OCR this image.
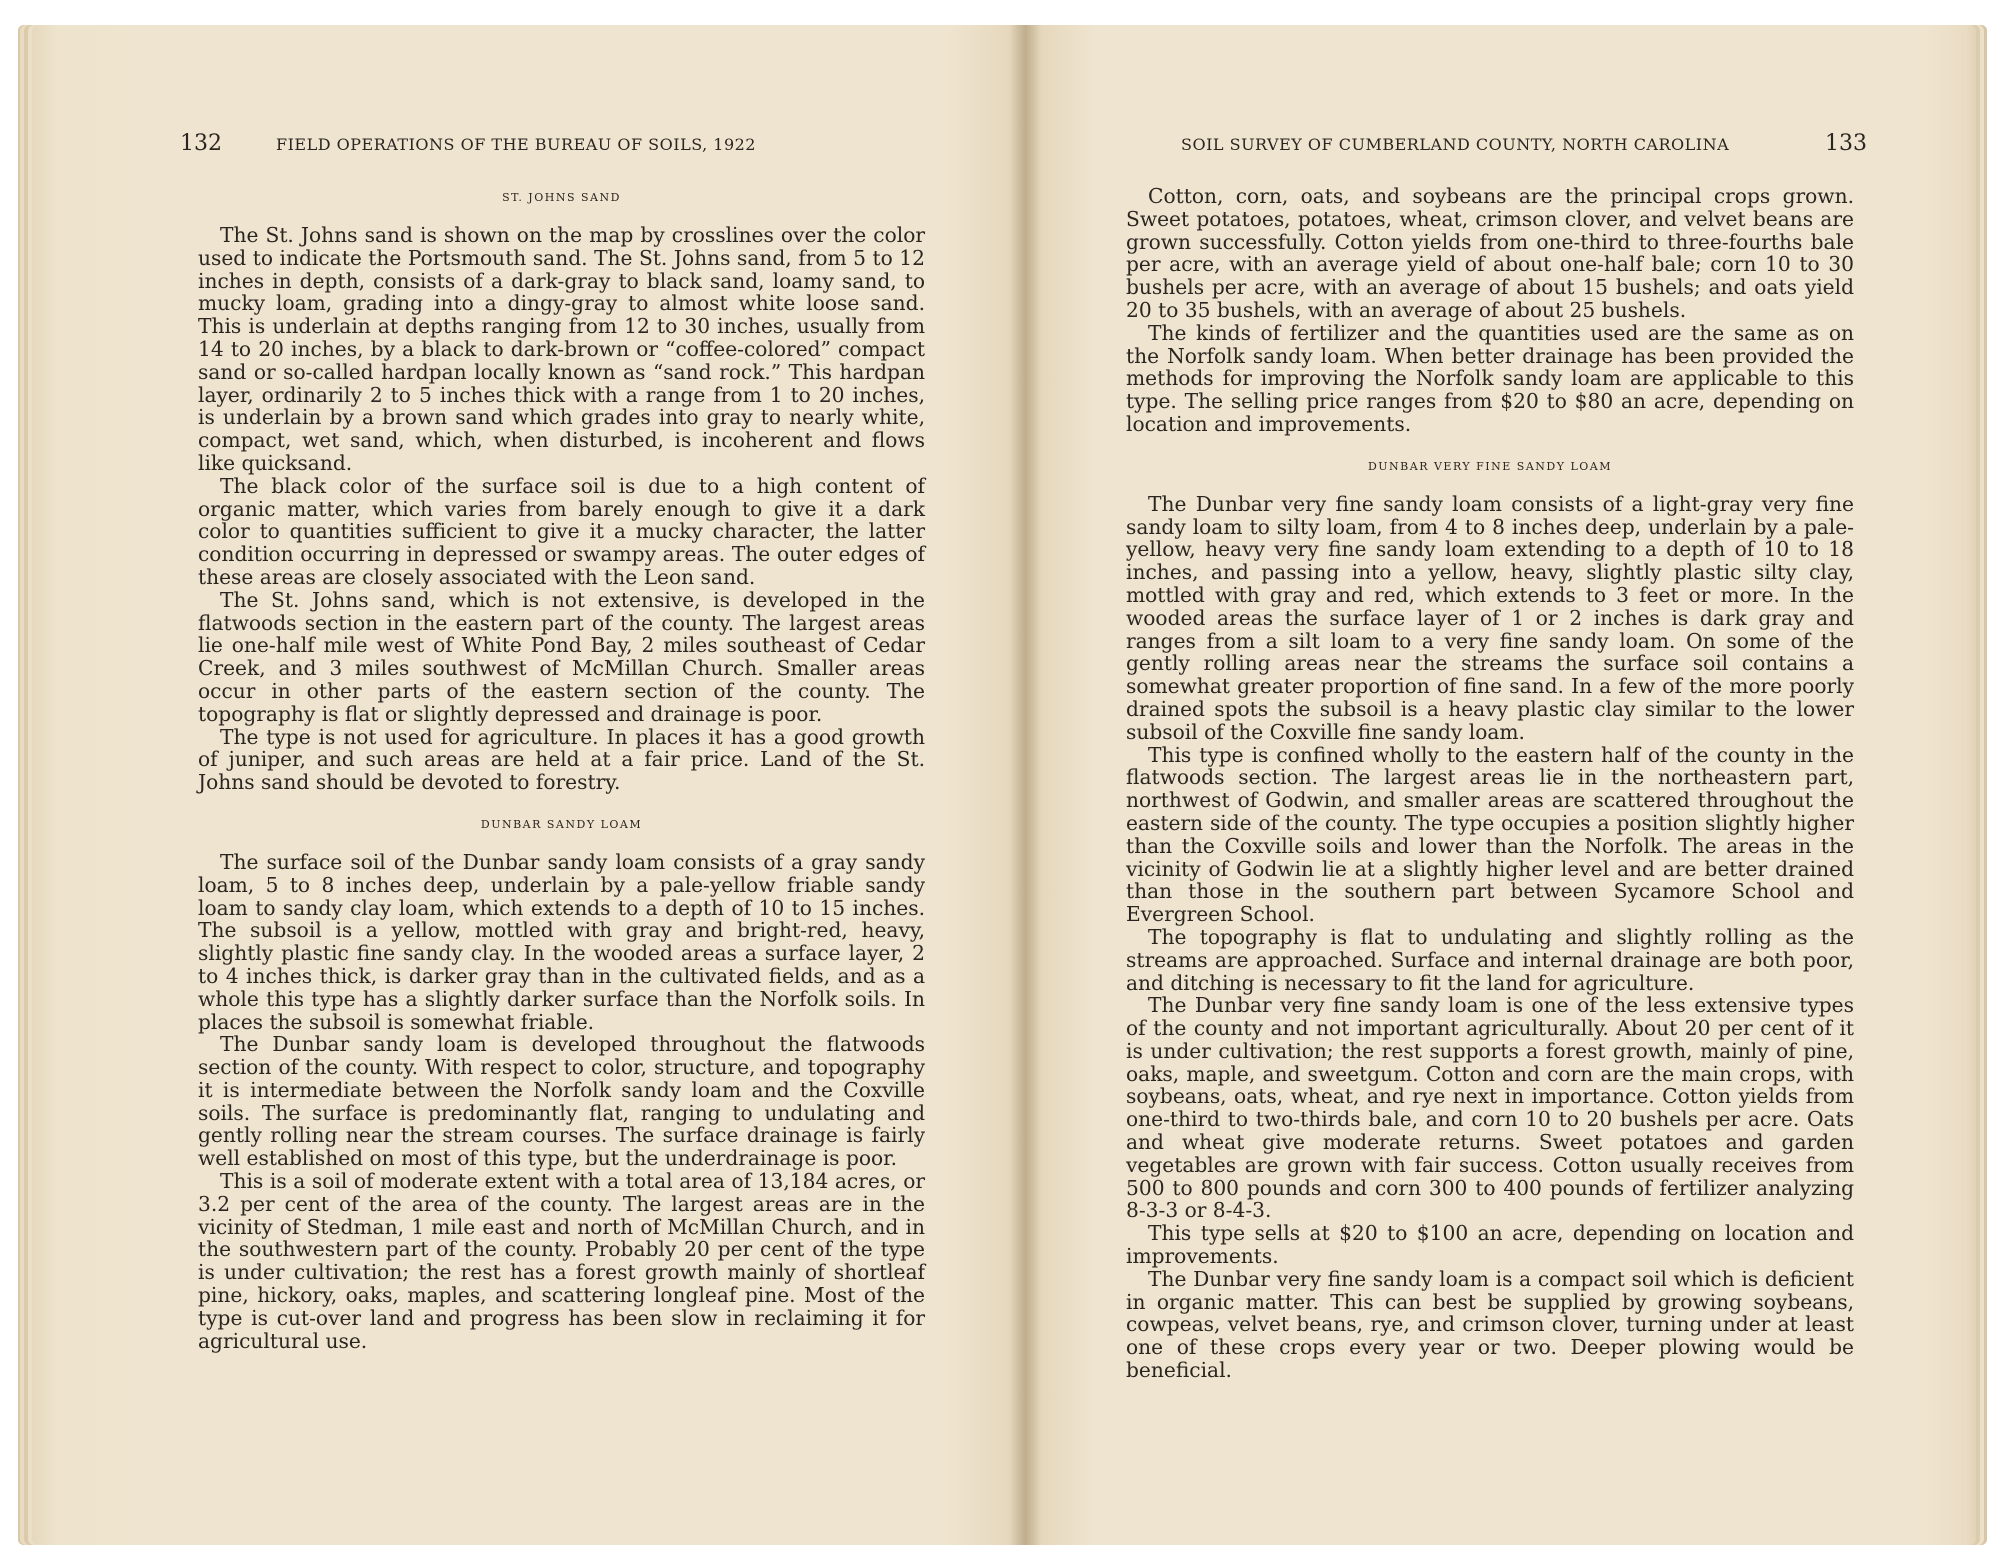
132	FIELD OPERATIONS OF THE BUREAU OF SOILS, 1922
ST. JOHNS SAND

The St. Johns sand is shown on the map by crosslines over the color used to indicate the Portsmouth sand. The St. Johns sand, from 5 to 12 inches in depth, consists of a dark-gray to black sand, loamy sand, to mucky loam, grading into a dingy-gray to almost white loose sand. This is underlain at depths ranging from 12 to 30 inches, usually from 14 to 20 inches, by a black to dark-brown or “coffee-colored” compact sand or so-called hardpan locally known as “sand rock.” This hardpan layer, ordinarily 2 to 5 inches thick with a range from 1 to 20 inches, is underlain by a brown sand which grades into gray to nearly white, compact, wet sand, which, when disturbed, is incoherent and flows like quicksand.

The black color of the surface soil is due to a high content of organic matter, which varies from barely enough to give it a dark color to quantities sufficient to give it a mucky character, the latter condition occurring in depressed or swampy areas. The outer edges of these areas are closely associated with the Leon sand.

The St. Johns sand, which is not extensive, is developed in the flatwoods section in the eastern part of the county. The largest areas lie one-half mile west of White Pond Bay, 2 miles southeast of Cedar Creek, and 3 miles southwest of McMillan Church. Smaller areas occur in other parts of the eastern section of the county. The topography is flat or slightly depressed and drainage is poor.

The type is not used for agriculture. In places it has a good growth of juniper, and such areas are held at a fair price. Land of the St. Johns sand should be devoted to forestry.

DUNBAR SANDY LOAM

The surface soil of the Dunbar sandy loam consists of a gray sandy loam, 5 to 8 inches deep, underlain by a pale-yellow friable sandy loam to sandy clay loam, which extends to a depth of 10 to 15 inches. The subsoil is a yellow, mottled with gray and bright-red, heavy, slightly plastic fine sandy clay. In the wooded areas a surface layer, 2 to 4 inches thick, is darker gray than in the cultivated fields, and as a whole this type has a slightly darker surface than the Norfolk soils. In places the subsoil is somewhat friable.

The Dunbar sandy loam is developed throughout the flatwoods section of the county. With respect to color, structure, and topography it is intermediate between the Norfolk sandy loam and the Coxville soils. The surface is predominantly flat, ranging to undulating and gently rolling near the stream courses. The surface drainage is fairly well established on most of this type, but the underdrainage is poor.

This is a soil of moderate extent with a total area of 13,184 acres, or 3.2 per cent of the area of the county. The largest areas are in the vicinity of Stedman, 1 mile east and north of McMillan Church, and in the southwestern part of the county. Probably 20 per cent of the type is under cultivation; the rest has a forest growth mainly of shortleaf pine, hickory, oaks, maples, and scattering longleaf pine. Most of the type is cut-over land and progress has been slow in reclaiming it for agricultural use.

SOIL SURVEY OF CUMBERLAND COUNTY, NORTH CAROLINA	133

Cotton, corn, oats, and soybeans are the principal crops grown. Sweet potatoes, potatoes, wheat, crimson clover, and velvet beans are grown successfully. Cotton yields from one-third to three-fourths bale per acre, with an average yield of about one-half bale; corn 10 to 30 bushels per acre, with an average of about 15 bushels; and oats yield 20 to 35 bushels, with an average of about 25 bushels.

The kinds of fertilizer and the quantities used are the same as on the Norfolk sandy loam. When better drainage has been provided the methods for improving the Norfolk sandy loam are applicable to this type. The selling price ranges from $20 to $80 an acre, depending on location and improvements.

DUNBAR VERY FINE SANDY LOAM

The Dunbar very fine sandy loam consists of a light-gray very fine sandy loam to silty loam, from 4 to 8 inches deep, underlain by a pale-yellow, heavy very fine sandy loam extending to a depth of 10 to 18 inches, and passing into a yellow, heavy, slightly plastic silty clay, mottled with gray and red, which extends to 3 feet or more. In the wooded areas the surface layer of 1 or 2 inches is dark gray and ranges from a silt loam to a very fine sandy loam. On some of the gently rolling areas near the streams the surface soil contains a somewhat greater proportion of fine sand. In a few of the more poorly drained spots the subsoil is a heavy plastic clay similar to the lower subsoil of the Coxville fine sandy loam.

This type is confined wholly to the eastern half of the county in the flatwoods section. The largest areas lie in the northeastern part, northwest of Godwin, and smaller areas are scattered throughout the eastern side of the county. The type occupies a position slightly higher than the Coxville soils and lower than the Norfolk. The areas in the vicinity of Godwin lie at a slightly higher level and are better drained than those in the southern part between Sycamore School and Evergreen School.

The topography is flat to undulating and slightly rolling as the streams are approached. Surface and internal drainage are both poor, and ditching is necessary to fit the land for agriculture.

The Dunbar very fine sandy loam is one of the less extensive types of the county and not important agriculturally. About 20 per cent of it is under cultivation; the rest supports a forest growth, mainly of pine, oaks, maple, and sweetgum. Cotton and corn are the main crops, with soybeans, oats, wheat, and rye next in importance. Cotton yields from one-third to two-thirds bale, and corn 10 to 20 bushels per acre. Oats and wheat give moderate returns. Sweet potatoes and garden vegetables are grown with fair success. Cotton usually receives from 500 to 800 pounds and corn 300 to 400 pounds of fertilizer analyzing 8-3-3 or 8-4-3.

This type sells at $20 to $100 an acre, depending on location and improvements.

The Dunbar very fine sandy loam is a compact soil which is deficient in organic matter. This can best be supplied by growing soybeans, cowpeas, velvet beans, rye, and crimson clover, turning under at least one of these crops every year or two. Deeper plowing would be beneficial.
